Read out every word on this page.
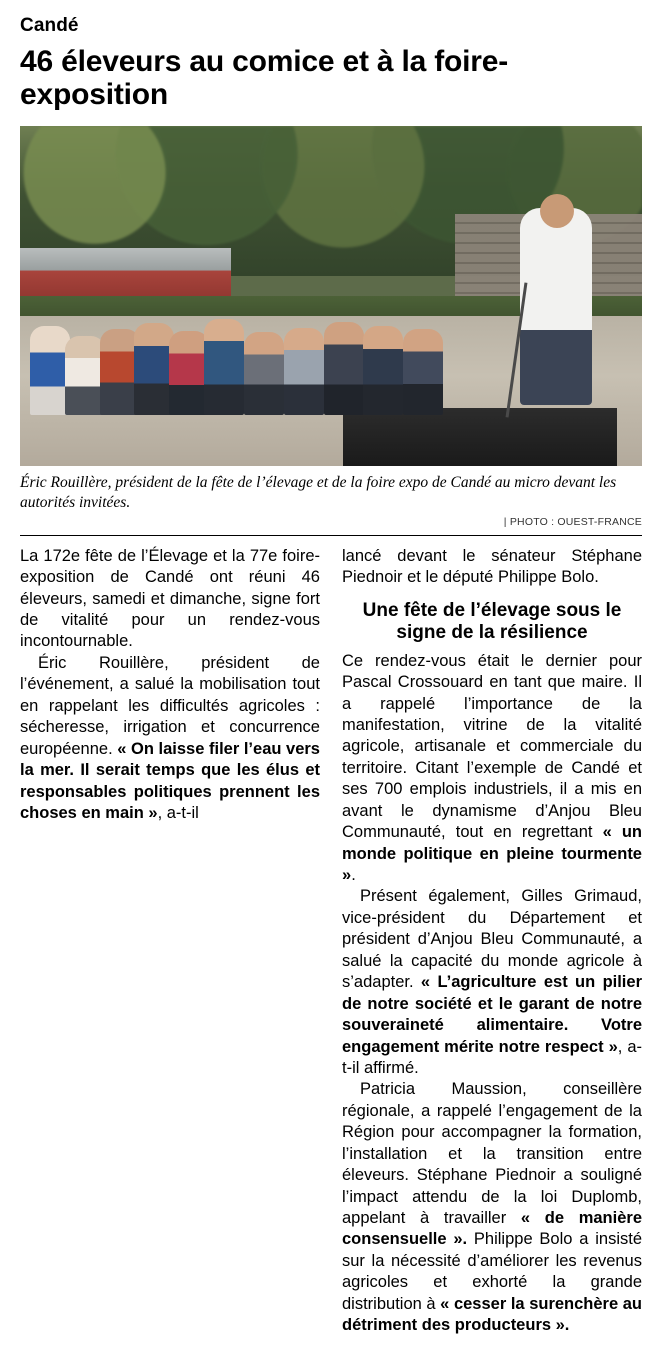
Candé
46 éleveurs au comice et à la foire-exposition
Éric Rouillère, président de la fête de l’élevage et de la foire expo de Candé au micro devant les autorités invitées.
| PHOTO : OUEST-FRANCE

La 172e fête de l’Élevage et la 77e foire-exposition de Candé ont réuni 46 éleveurs, samedi et dimanche, signe fort de vitalité pour un rendez-vous incontournable.

Éric Rouillère, président de l’événement, a salué la mobilisation tout en rappelant les difficultés agricoles : sécheresse, irrigation et concurrence européenne. « On laisse filer l’eau vers la mer. Il serait temps que les élus et responsables politiques prennent les choses en main », a-t-il

lancé devant le sénateur Stéphane Piednoir et le député Philippe Bolo.

Une fête de l’élevage sous le signe de la résilience

Ce rendez-vous était le dernier pour Pascal Crossouard en tant que maire. Il a rappelé l’importance de la manifestation, vitrine de la vitalité agricole, artisanale et commerciale du territoire. Citant l’exemple de Candé et ses 700 emplois industriels, il a mis en avant le dynamisme d’Anjou Bleu Communauté, tout en regrettant « un monde politique en pleine tourmente ».

Présent également, Gilles Grimaud, vice-président du Département et président d’Anjou Bleu Communauté, a salué la capacité du monde agricole à s’adapter. « L’agriculture est un pilier de notre société et le garant de notre souveraineté alimentaire. Votre engagement mérite notre respect », a-t-il affirmé.

Patricia Maussion, conseillère régionale, a rappelé l’engagement de la Région pour accompagner la formation, l’installation et la transition entre éleveurs. Stéphane Piednoir a souligné l’impact attendu de la loi Duplomb, appelant à travailler « de manière consensuelle ». Philippe Bolo a insisté sur la nécessité d’améliorer les revenus agricoles et exhorté la grande distribution à « cesser la surenchère au détriment des producteurs ».
